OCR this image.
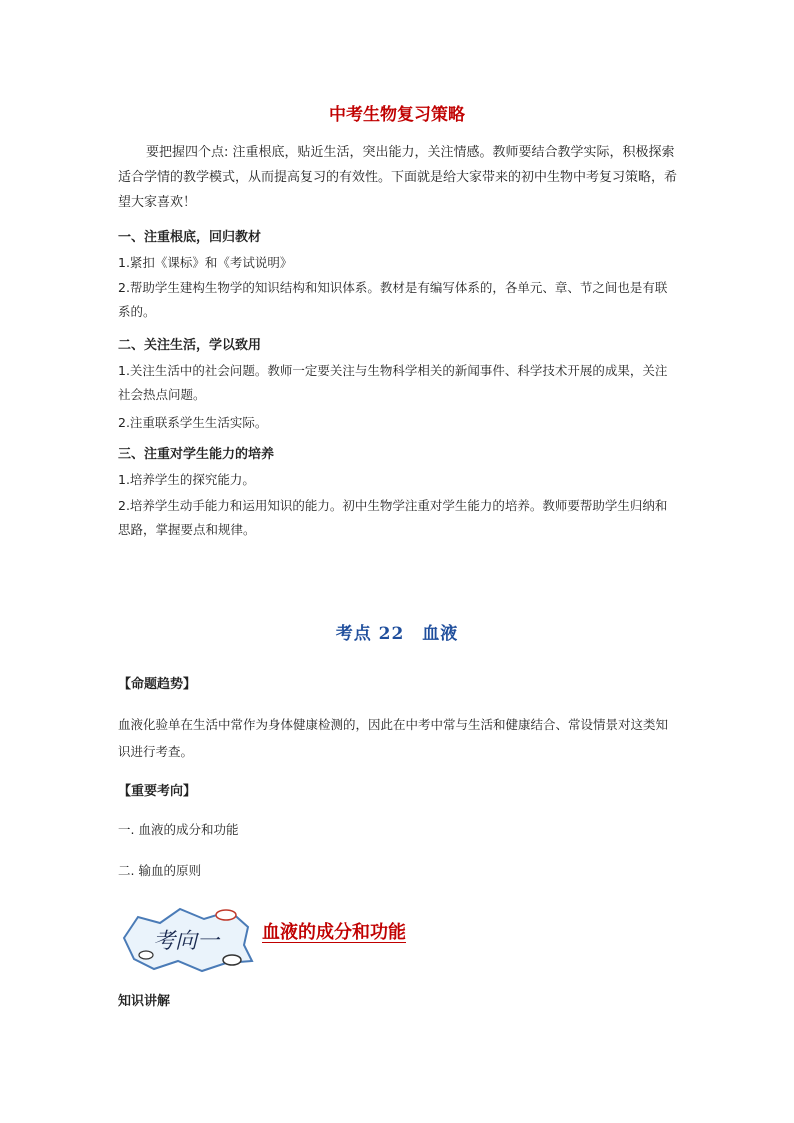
中考生物复习策略
要把握四个点: 注重根底，贴近生活，突出能力，关注情感。教师要结合教学实际，积极探索适合学情的教学模式，从而提高复习的有效性。下面就是给大家带来的初中生物中考复习策略，希望大家喜欢！
一、注重根底，回归教材
1.紧扣《课标》和《考试说明》
2.帮助学生建构生物学的知识结构和知识体系。教材是有编写体系的，各单元、章、节之间也是有联系的。
二、关注生活，学以致用
1.关注生活中的社会问题。教师一定要关注与生物科学相关的新闻事件、科学技术开展的成果，关注社会热点问题。
2.注重联系学生生活实际。
三、注重对学生能力的培养
1.培养学生的探究能力。
2.培养学生动手能力和运用知识的能力。初中生物学注重对学生能力的培养。教师要帮助学生归纳和思路，掌握要点和规律。
考点 22　血液
【命题趋势】
血液化验单在生活中常作为身体健康检测的，因此在中考中常与生活和健康结合、常设情景对这类知识进行考查。
【重要考向】
一. 血液的成分和功能
二. 输血的原则
考向一 血液的成分和功能
知识讲解
